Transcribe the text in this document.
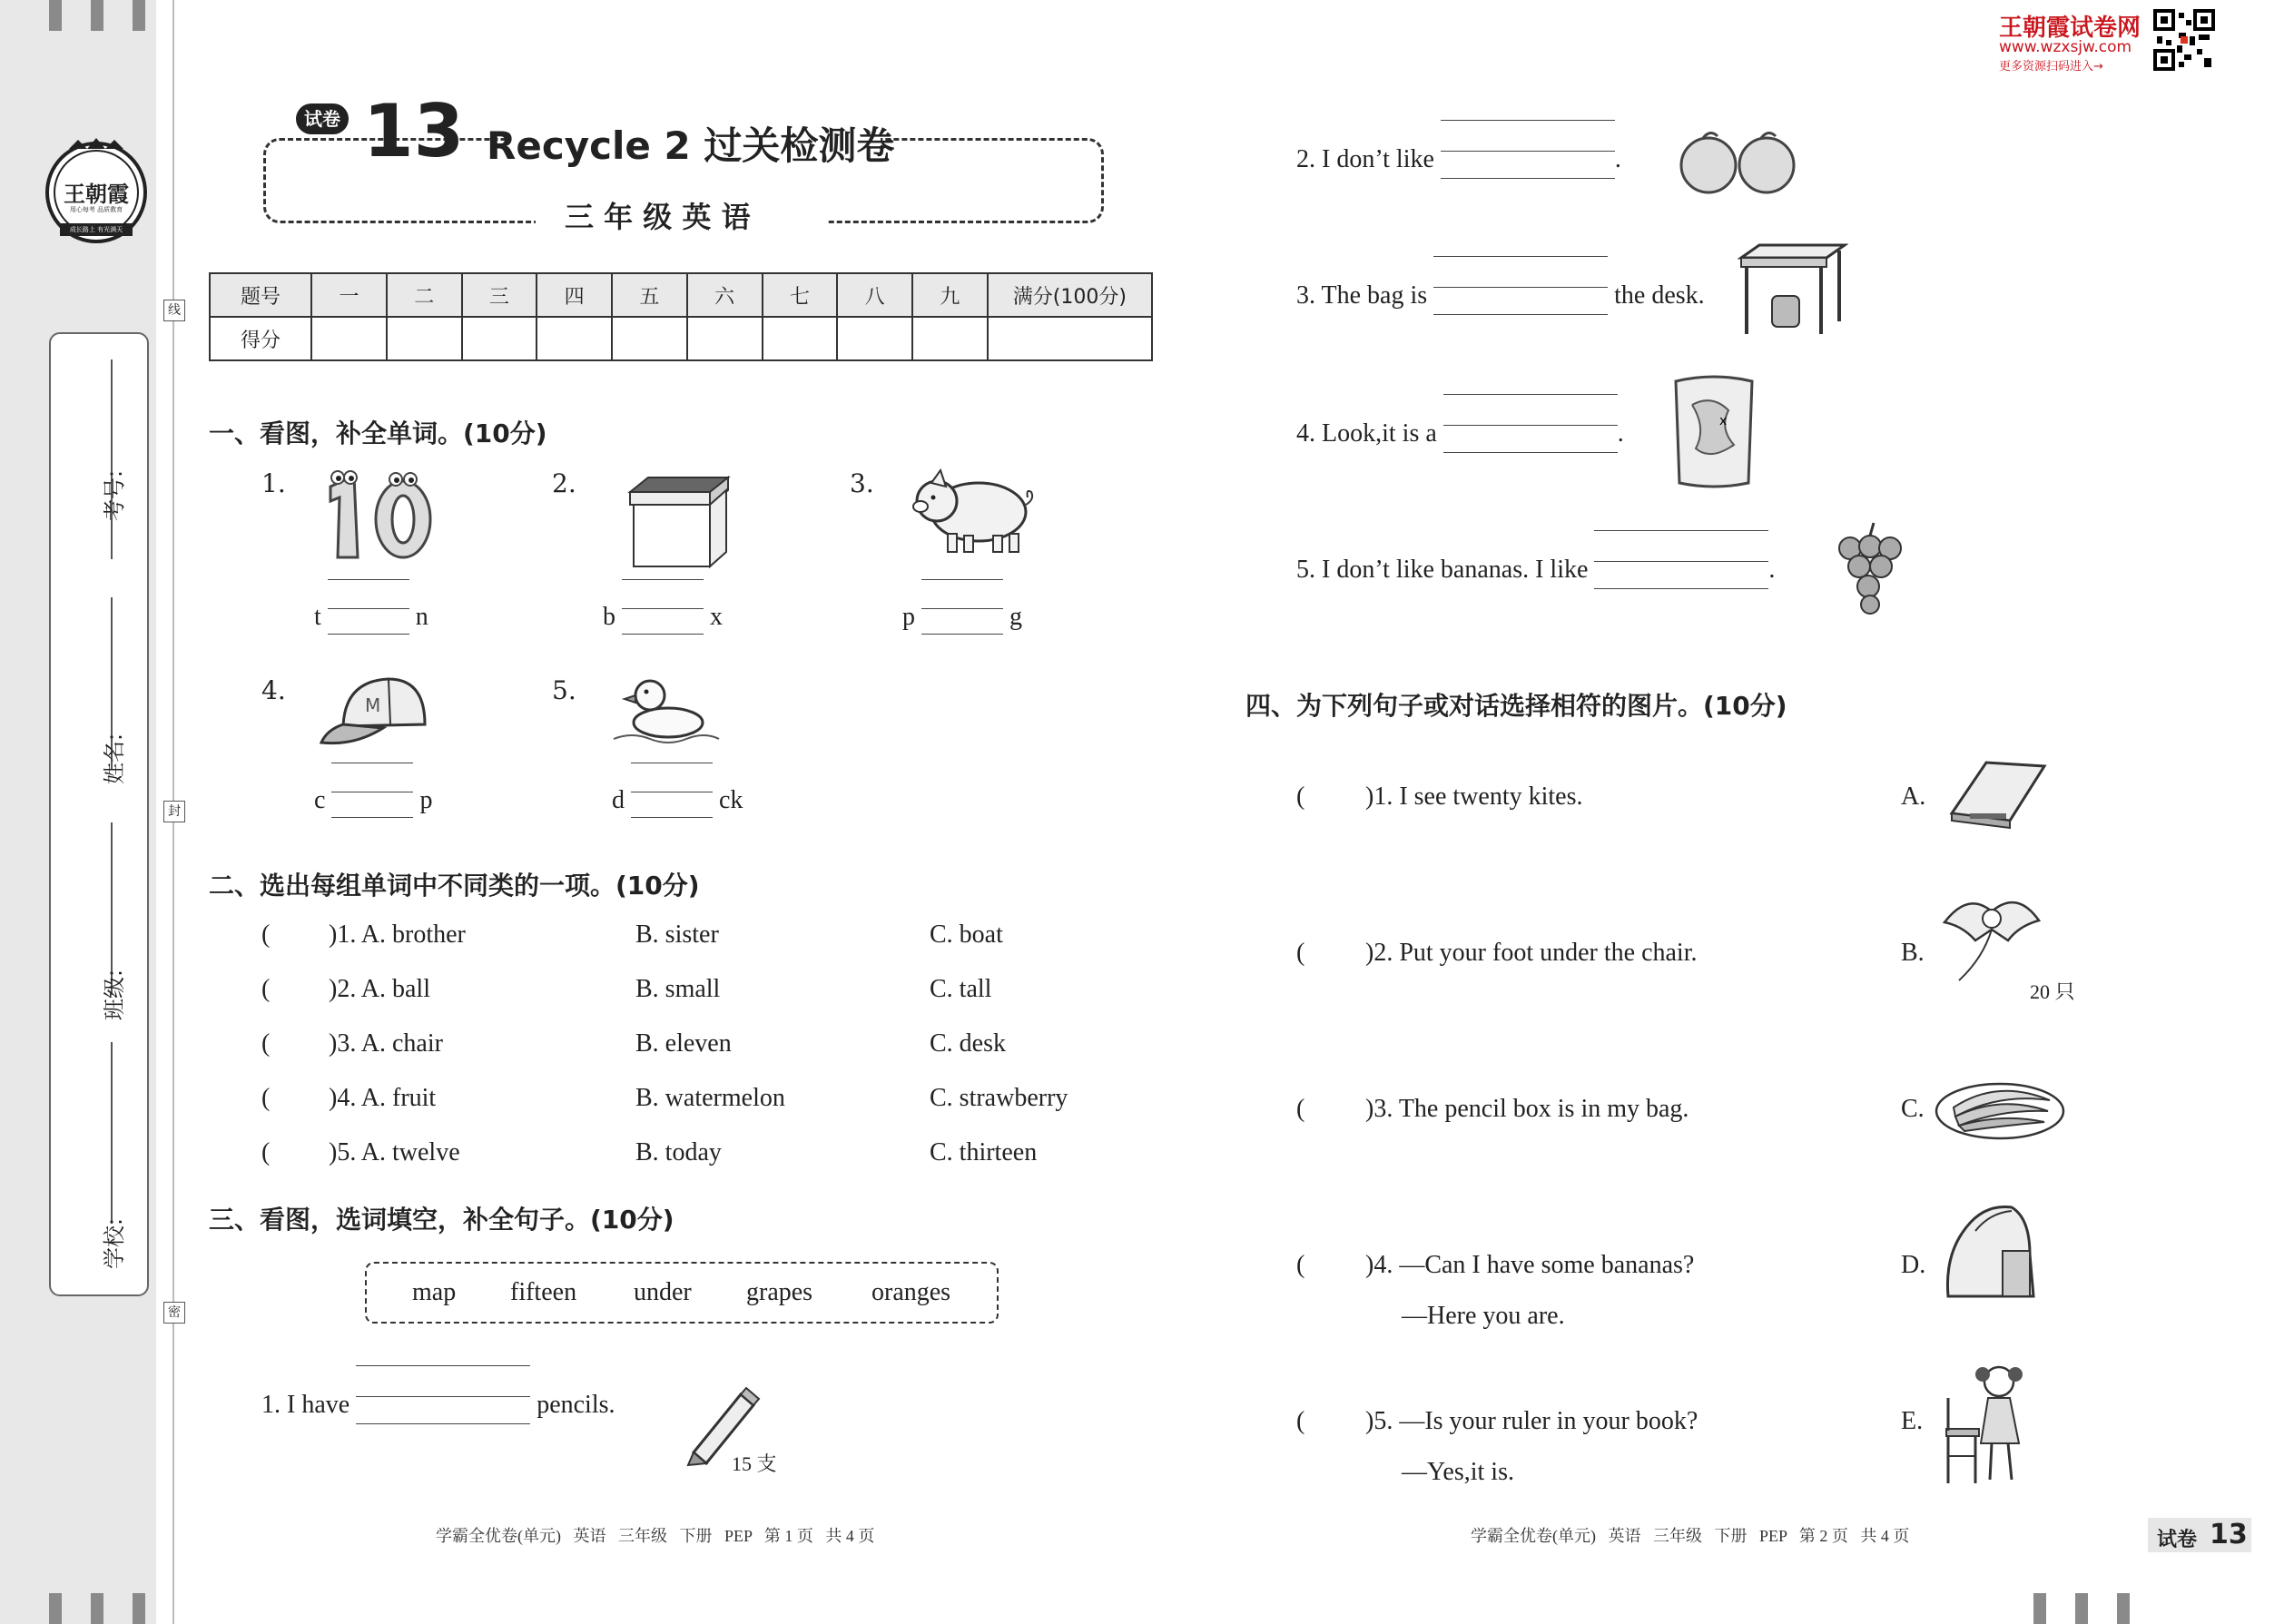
王朝霞
用心每考 品质教育
成长路上 有光满天
线
封
密
考号:
姓名:
班级:
学校:
试卷 13 Recycle 2 过关检测卷
三 年 级 英 语
王朝霞试卷网
www.wzxsjw.com
更多资源扫码进入→
题号	一	二	三	四	五	六	七	八	九	满分(100分)
得分										
一、看图，补全单词。(10分)
1.
t	n
2.
b	x
3.
p	g
4.	M
c	p
5.
d	ck
二、选出每组单词中不同类的一项。(10分)
( )1. A. brother	B. sister	C. boat
( )2. A. ball	B. small	C. tall
( )3. A. chair	B. eleven	C. desk
( )4. A. fruit	B. watermelon	C. strawberry
( )5. A. twelve	B. today	C. thirteen
三、看图，选词填空，补全句子。(10分)
map fifteen under grapes oranges
1. I have	pencils.
15 支
2. I don’t like	.
3. The bag is	the desk.
4. Look,it is a	.	x
5. I don’t like bananas. I like	.
四、为下列句子或对话选择相符的图片。(10分)
( )1. I see twenty kites.	A.
( )2. Put your foot under the chair.	B.
20 只
( )3. The pencil box is in my bag.	C.
( )4. —Can I have some bananas?
—Here you are.
D.
( )5. —Is your ruler in your book?
—Yes,it is.
E.
学霸全优卷(单元)   英语   三年级   下册   PEP   第 1 页   共 4 页	学霸全优卷(单元)   英语   三年级   下册   PEP   第 2 页   共 4 页	试卷 13
